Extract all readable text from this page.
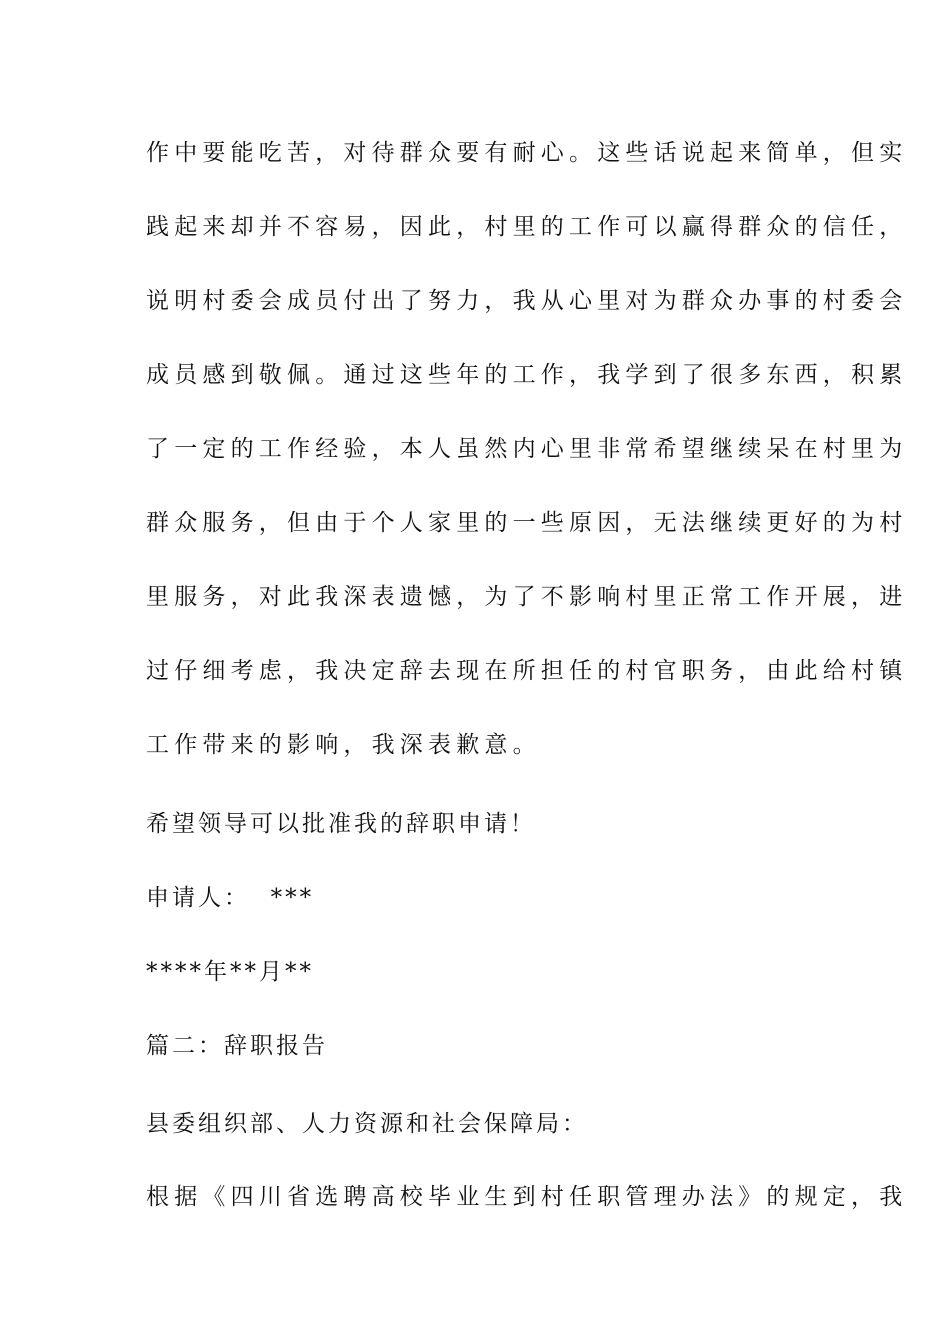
作中要能吃苦，对待群众要有耐心。这些话说起来简单，但实
践起来却并不容易，因此，村里的工作可以赢得群众的信任，
说明村委会成员付出了努力，我从心里对为群众办事的村委会
成员感到敬佩。通过这些年的工作，我学到了很多东西，积累
了一定的工作经验，本人虽然内心里非常希望继续呆在村里为
群众服务，但由于个人家里的一些原因，无法继续更好的为村
里服务，对此我深表遗憾，为了不影响村里正常工作开展，进
过仔细考虑，我决定辞去现在所担任的村官职务，由此给村镇
工作带来的影响，我深表歉意。
希望领导可以批准我的辞职申请！
申请人：  ***
****年**月**
篇二：辞职报告
县委组织部、人力资源和社会保障局：
根据《四川省选聘高校毕业生到村任职管理办法》的规定，我
